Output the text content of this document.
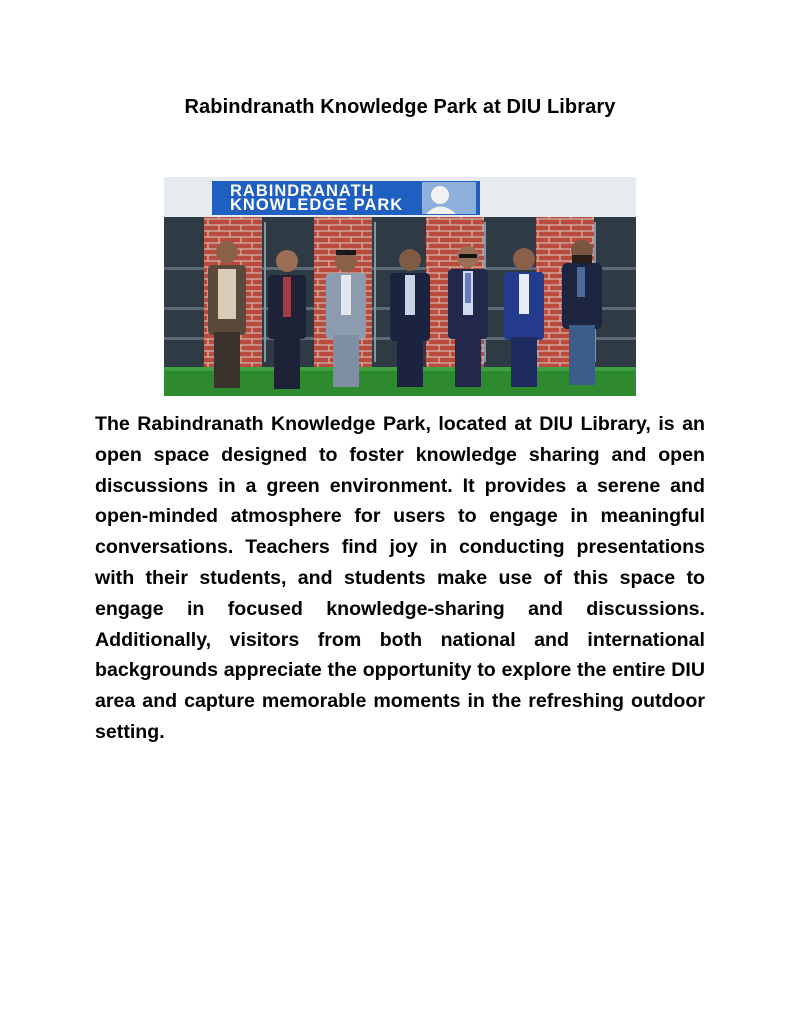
Rabindranath Knowledge Park at DIU Library
RABINDRANATH
KNOWLEDGE PARK

The Rabindranath Knowledge Park, located at DIU Library, is an open space designed to foster knowledge sharing and open discussions in a green environment. It provides a serene and open-minded atmosphere for users to engage in meaningful conversations. Teachers find joy in conducting presentations with their students, and students make use of this space to engage in focused knowledge-sharing and discussions. Additionally, visitors from both national and international backgrounds appreciate the opportunity to explore the entire DIU area and capture memorable moments in the refreshing outdoor setting.
